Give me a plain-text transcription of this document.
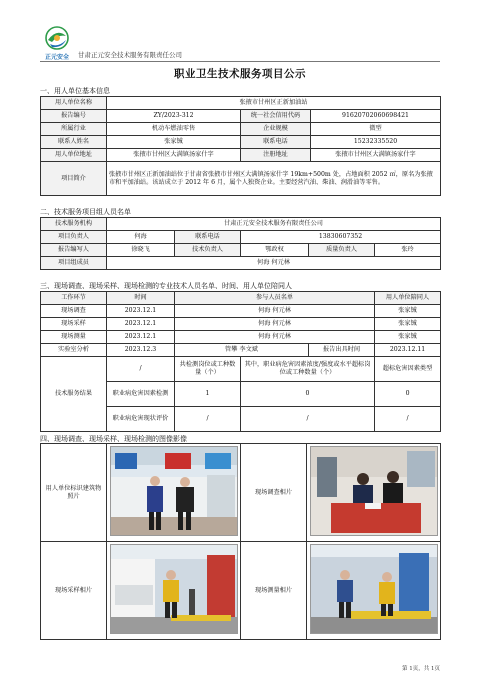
正元安全 甘肃正元安全技术服务有限责任公司
职业卫生技术服务项目公示
一、用人单位基本信息
用人单位名称	张掖市甘州区正新加油站		
报告编号	ZY/2023-312	统一社会信用代码	91620702060698421
所属行业	机动车燃油零售	企业规模	微型
联系人姓名	张家铖	联系电话	15232335520
用人单位地址	张掖市甘州区大满镇汤家什字	注册地址	张掖市甘州区大满镇汤家什字
项目简介	张掖市甘州区正新加油站位于甘肃省张掖市甘州区大满镇汤家什字 19km+500m 处，占地面积 2052 ㎡，原名为张掖市和平加油站。该站成立于 2012 年 6 月，属个人独资企业。主要经营汽油、柴油、润滑油等零售。		
二、技术服务项目组人员名单
技术服务机构	甘肃正元安全技术服务有限责任公司				
项目负责人	何海	联系电话	13830607352		
报告编写人	徐晓飞	技术负责人	鄂政权	质量负责人	张玲
项目组成员	何海 何元林				
三、现场调查、现场采样、现场检测的专业技术人员名单、时间、用人单位陪同人
工作环节	时间	参与人员名单			用人单位陪同人
现场调查	2023.12.1	何海 何元林			张家铖
现场采样	2023.12.1	何海 何元林			张家铖
现场测量	2023.12.1	何海 何元林			张家铖
实验室分析	2023.12.3	管攀 李文斌		报告出具时间	2023.12.11
技术服务结果	/	共检测岗位或工种数量（个）	其中，职业病危害因素浓度/强度或水平超标岗位或工种数量（个）		超标危害因素类型
	职业病危害因素检测	1	0		0
	职业病危害现状评价	/	/		/
四、现场调查、现场采样、现场检测的图像影像
用人单位标识建筑物照片		现场调查相片	
现场采样相片		现场测量相片	
第 1页，共 1页
